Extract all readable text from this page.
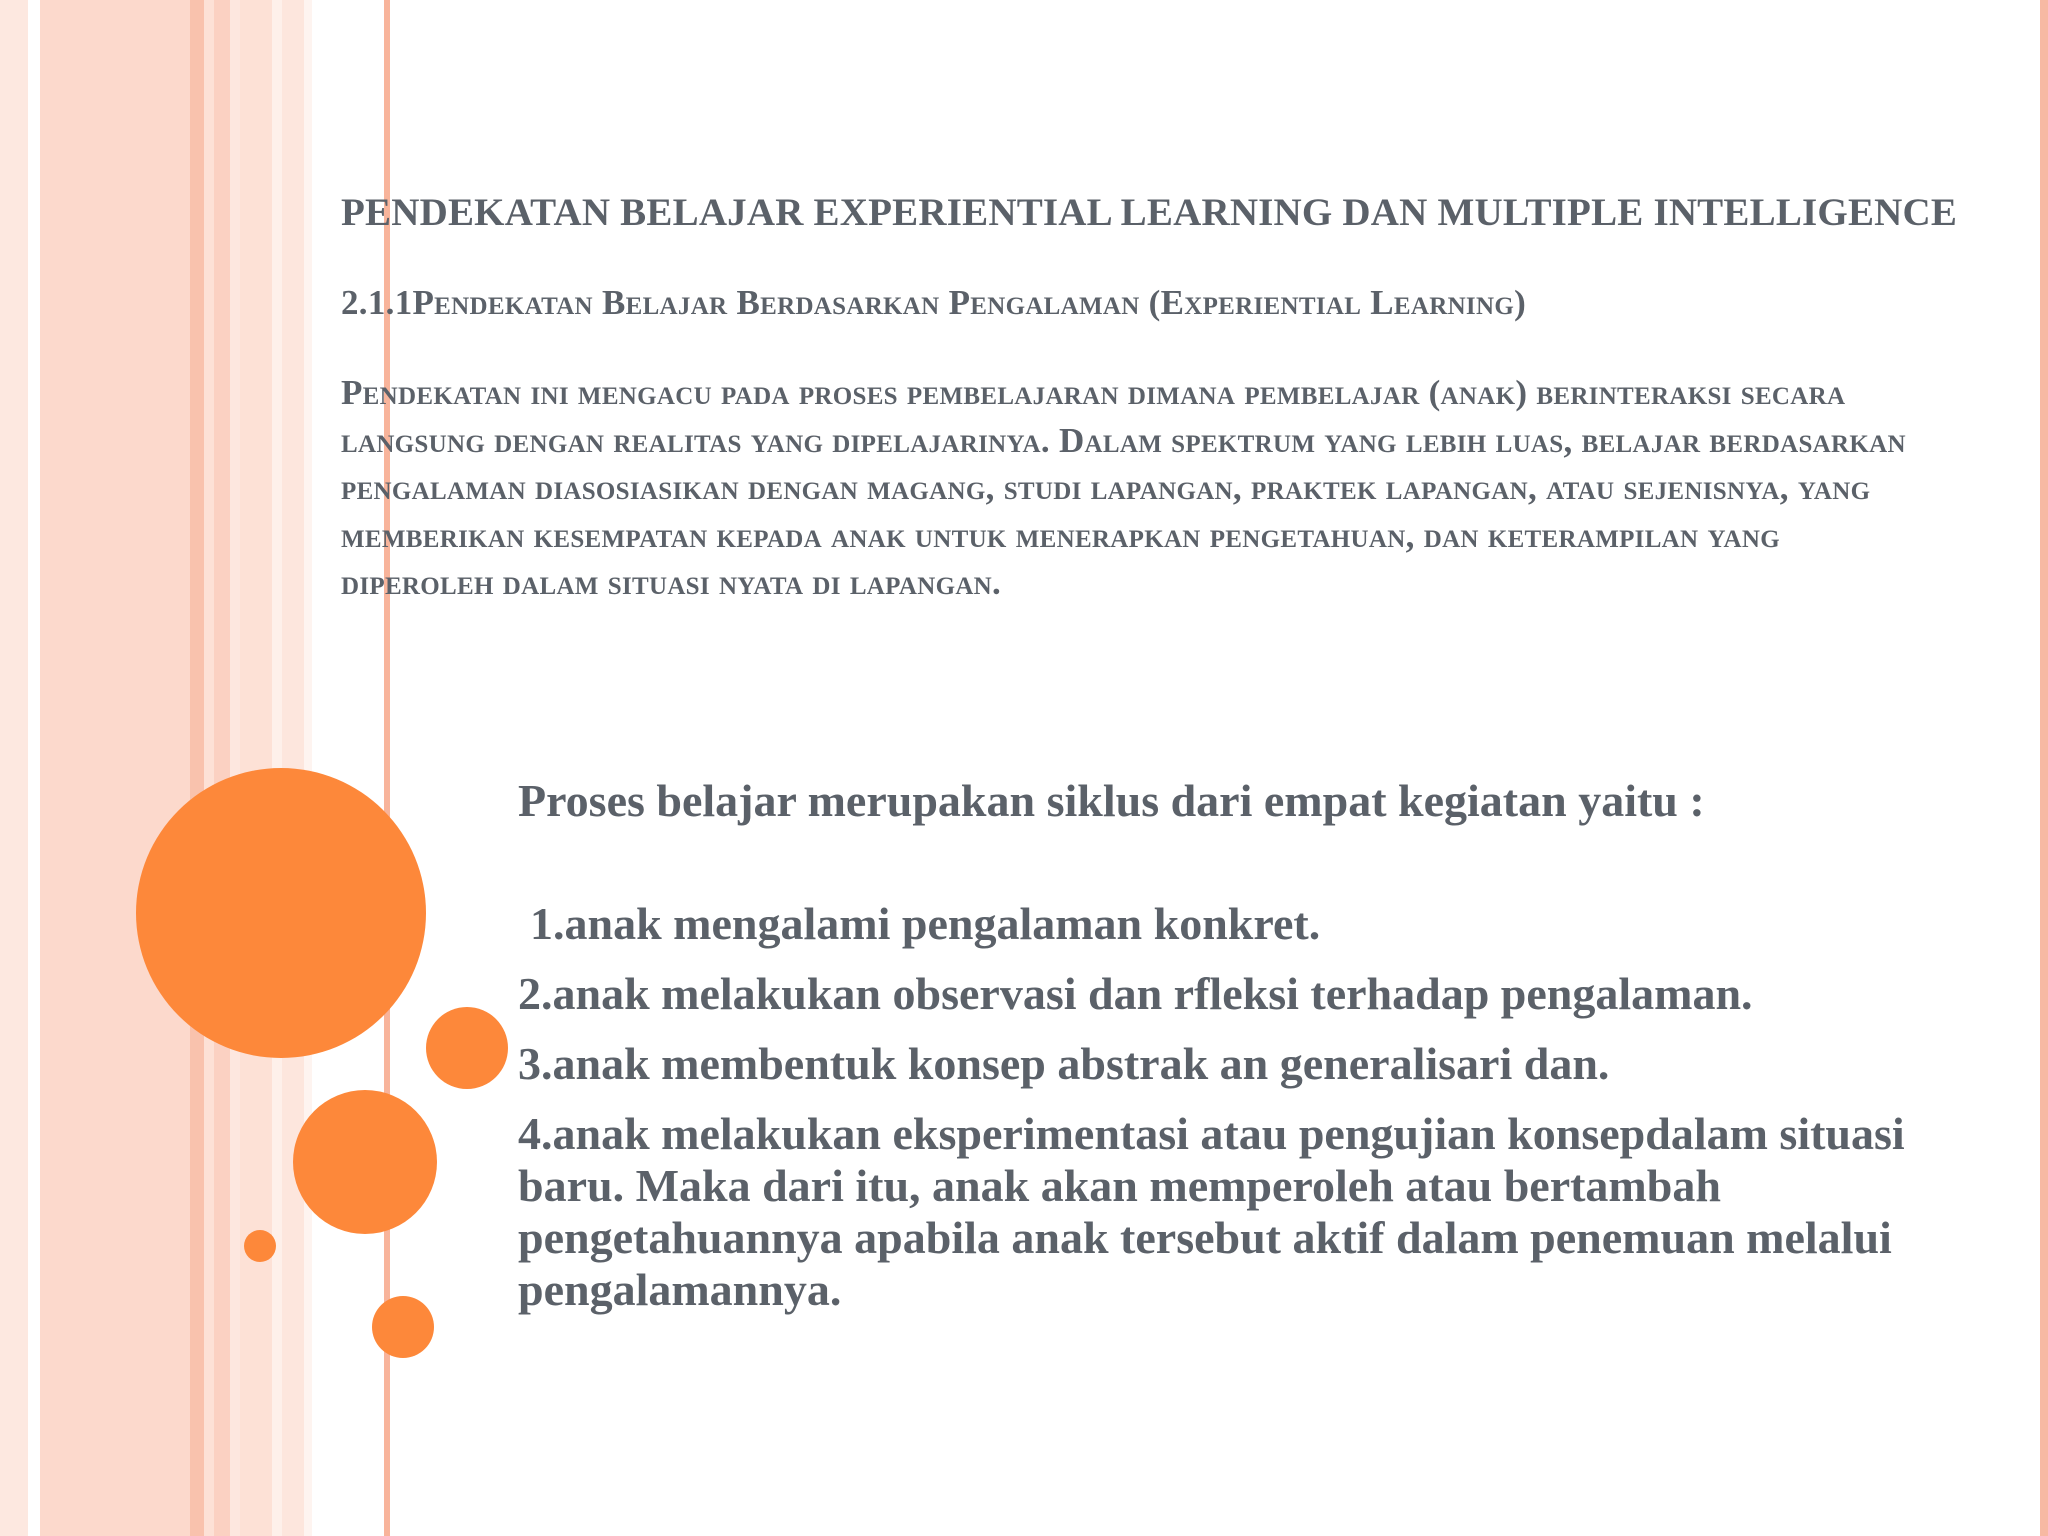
PENDEKATAN BELAJAR EXPERIENTIAL LEARNING DAN MULTIPLE INTELLIGENCE
2.1.1Pendekatan Belajar Berdasarkan Pengalaman (Experiential Learning)

Pendekatan ini mengacu pada proses pembelajaran dimana pembelajar (anak) berinteraksi secara langsung dengan realitas yang dipelajarinya. Dalam spektrum yang lebih luas, belajar berdasarkan pengalaman diasosiasikan dengan magang, studi lapangan, praktek lapangan, atau sejenisnya, yang memberikan kesempatan kepada anak untuk menerapkan pengetahuan, dan keterampilan yang diperoleh dalam situasi nyata di lapangan.

Proses belajar merupakan siklus dari empat kegiatan yaitu :

1.anak mengalami pengalaman konkret.
2.anak melakukan observasi dan rfleksi terhadap pengalaman.
3.anak membentuk konsep abstrak an generalisari dan.
4.anak melakukan eksperimentasi atau pengujian konsepdalam situasi baru. Maka dari itu, anak akan memperoleh atau bertambah pengetahuannya apabila anak tersebut aktif dalam penemuan melalui pengalamannya.
